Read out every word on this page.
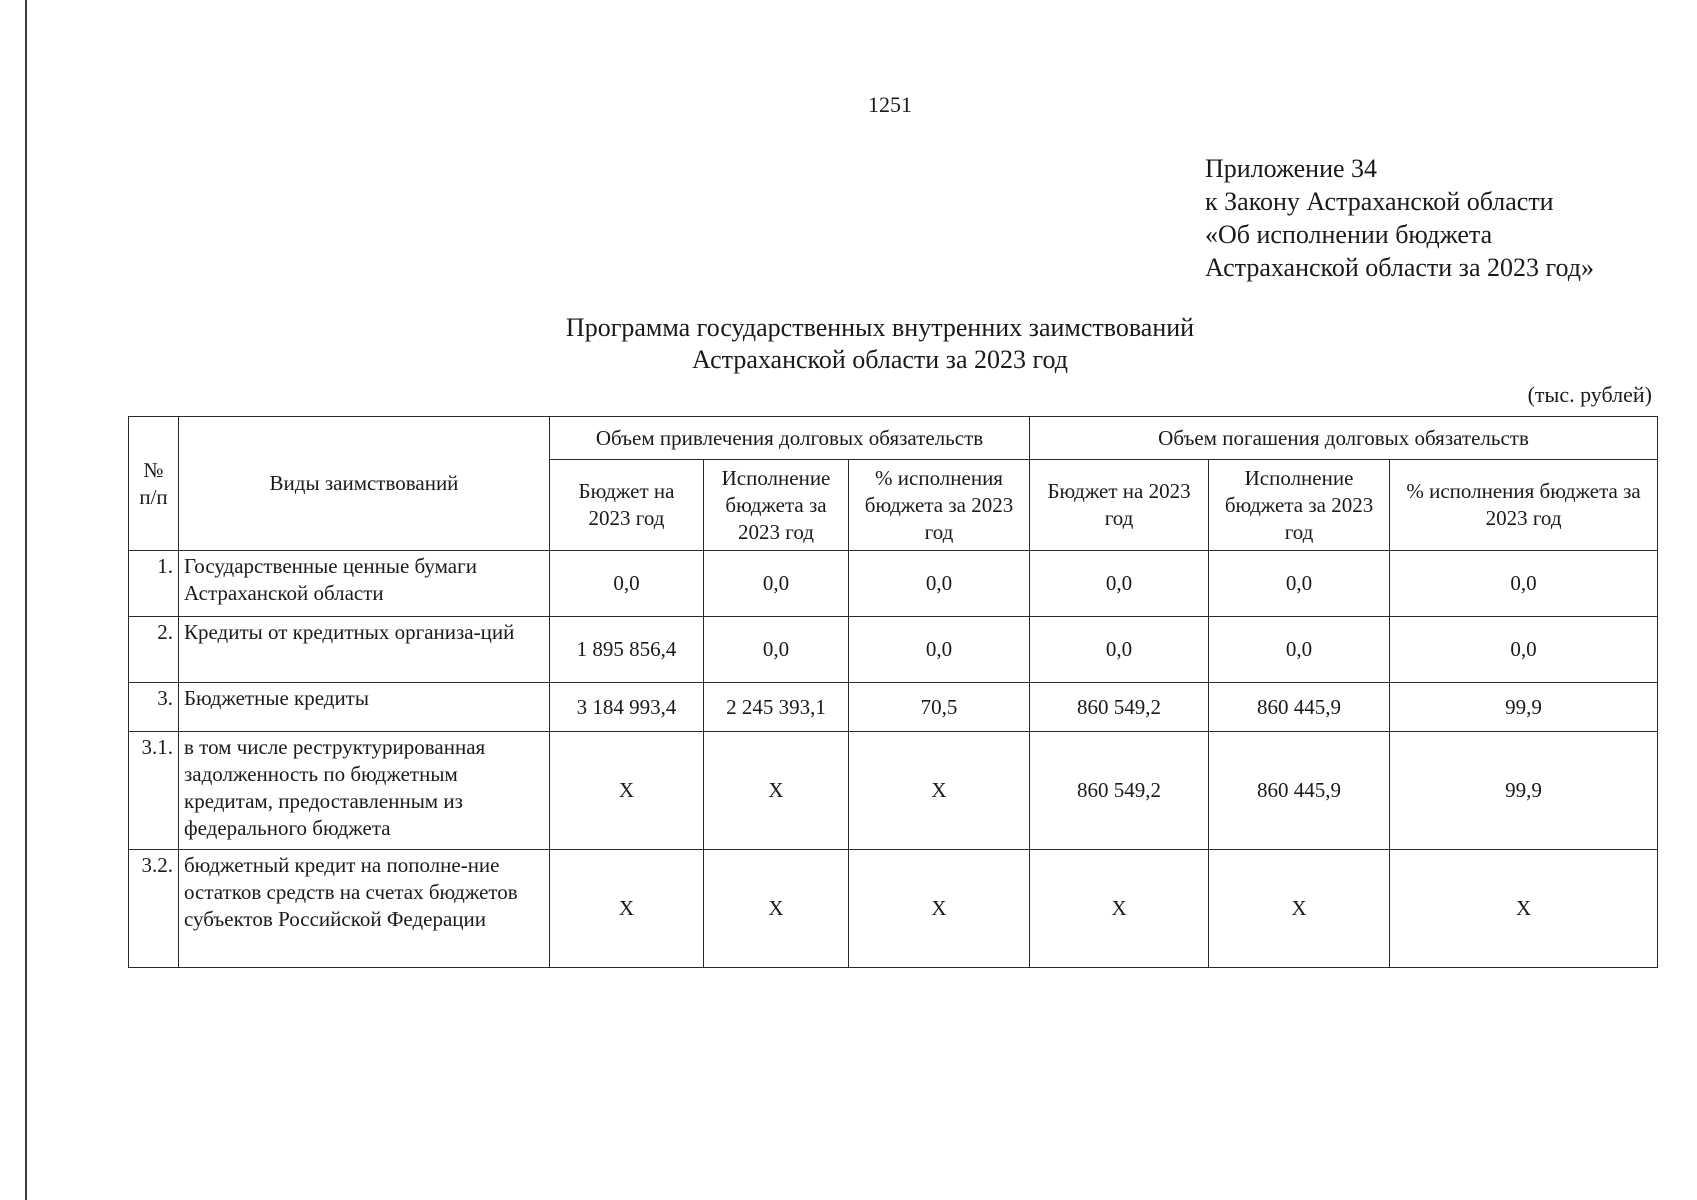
1251
Приложение 34
к Закону Астраханской области
«Об исполнении бюджета
Астраханской области за 2023 год»
Программа государственных внутренних заимствований
Астраханской области за 2023 год
(тыс. рублей)
№ п/п	Виды заимствований	Объем привлечения долговых обязательств			Объем погашения долговых обязательств		
		Бюджет на 2023 год	Исполнение бюджета за 2023 год	% исполнения бюджета за 2023 год	Бюджет на 2023 год	Исполнение бюджета за 2023 год	% исполнения бюджета за 2023 год
1.	Государственные ценные бумаги Астраханской области	0,0	0,0	0,0	0,0	0,0	0,0
2.	Кредиты от кредитных организа-ций	1 895 856,4	0,0	0,0	0,0	0,0	0,0
3.	Бюджетные кредиты	3 184 993,4	2 245 393,1	70,5	860 549,2	860 445,9	99,9
3.1.	в том числе реструктурированная задолженность по бюджетным кредитам, предоставленным из федерального бюджета	Х	Х	Х	860 549,2	860 445,9	99,9
3.2.	бюджетный кредит на пополне-ние остатков средств на счетах бюджетов субъектов Российской Федерации	Х	Х	Х	Х	Х	Х
